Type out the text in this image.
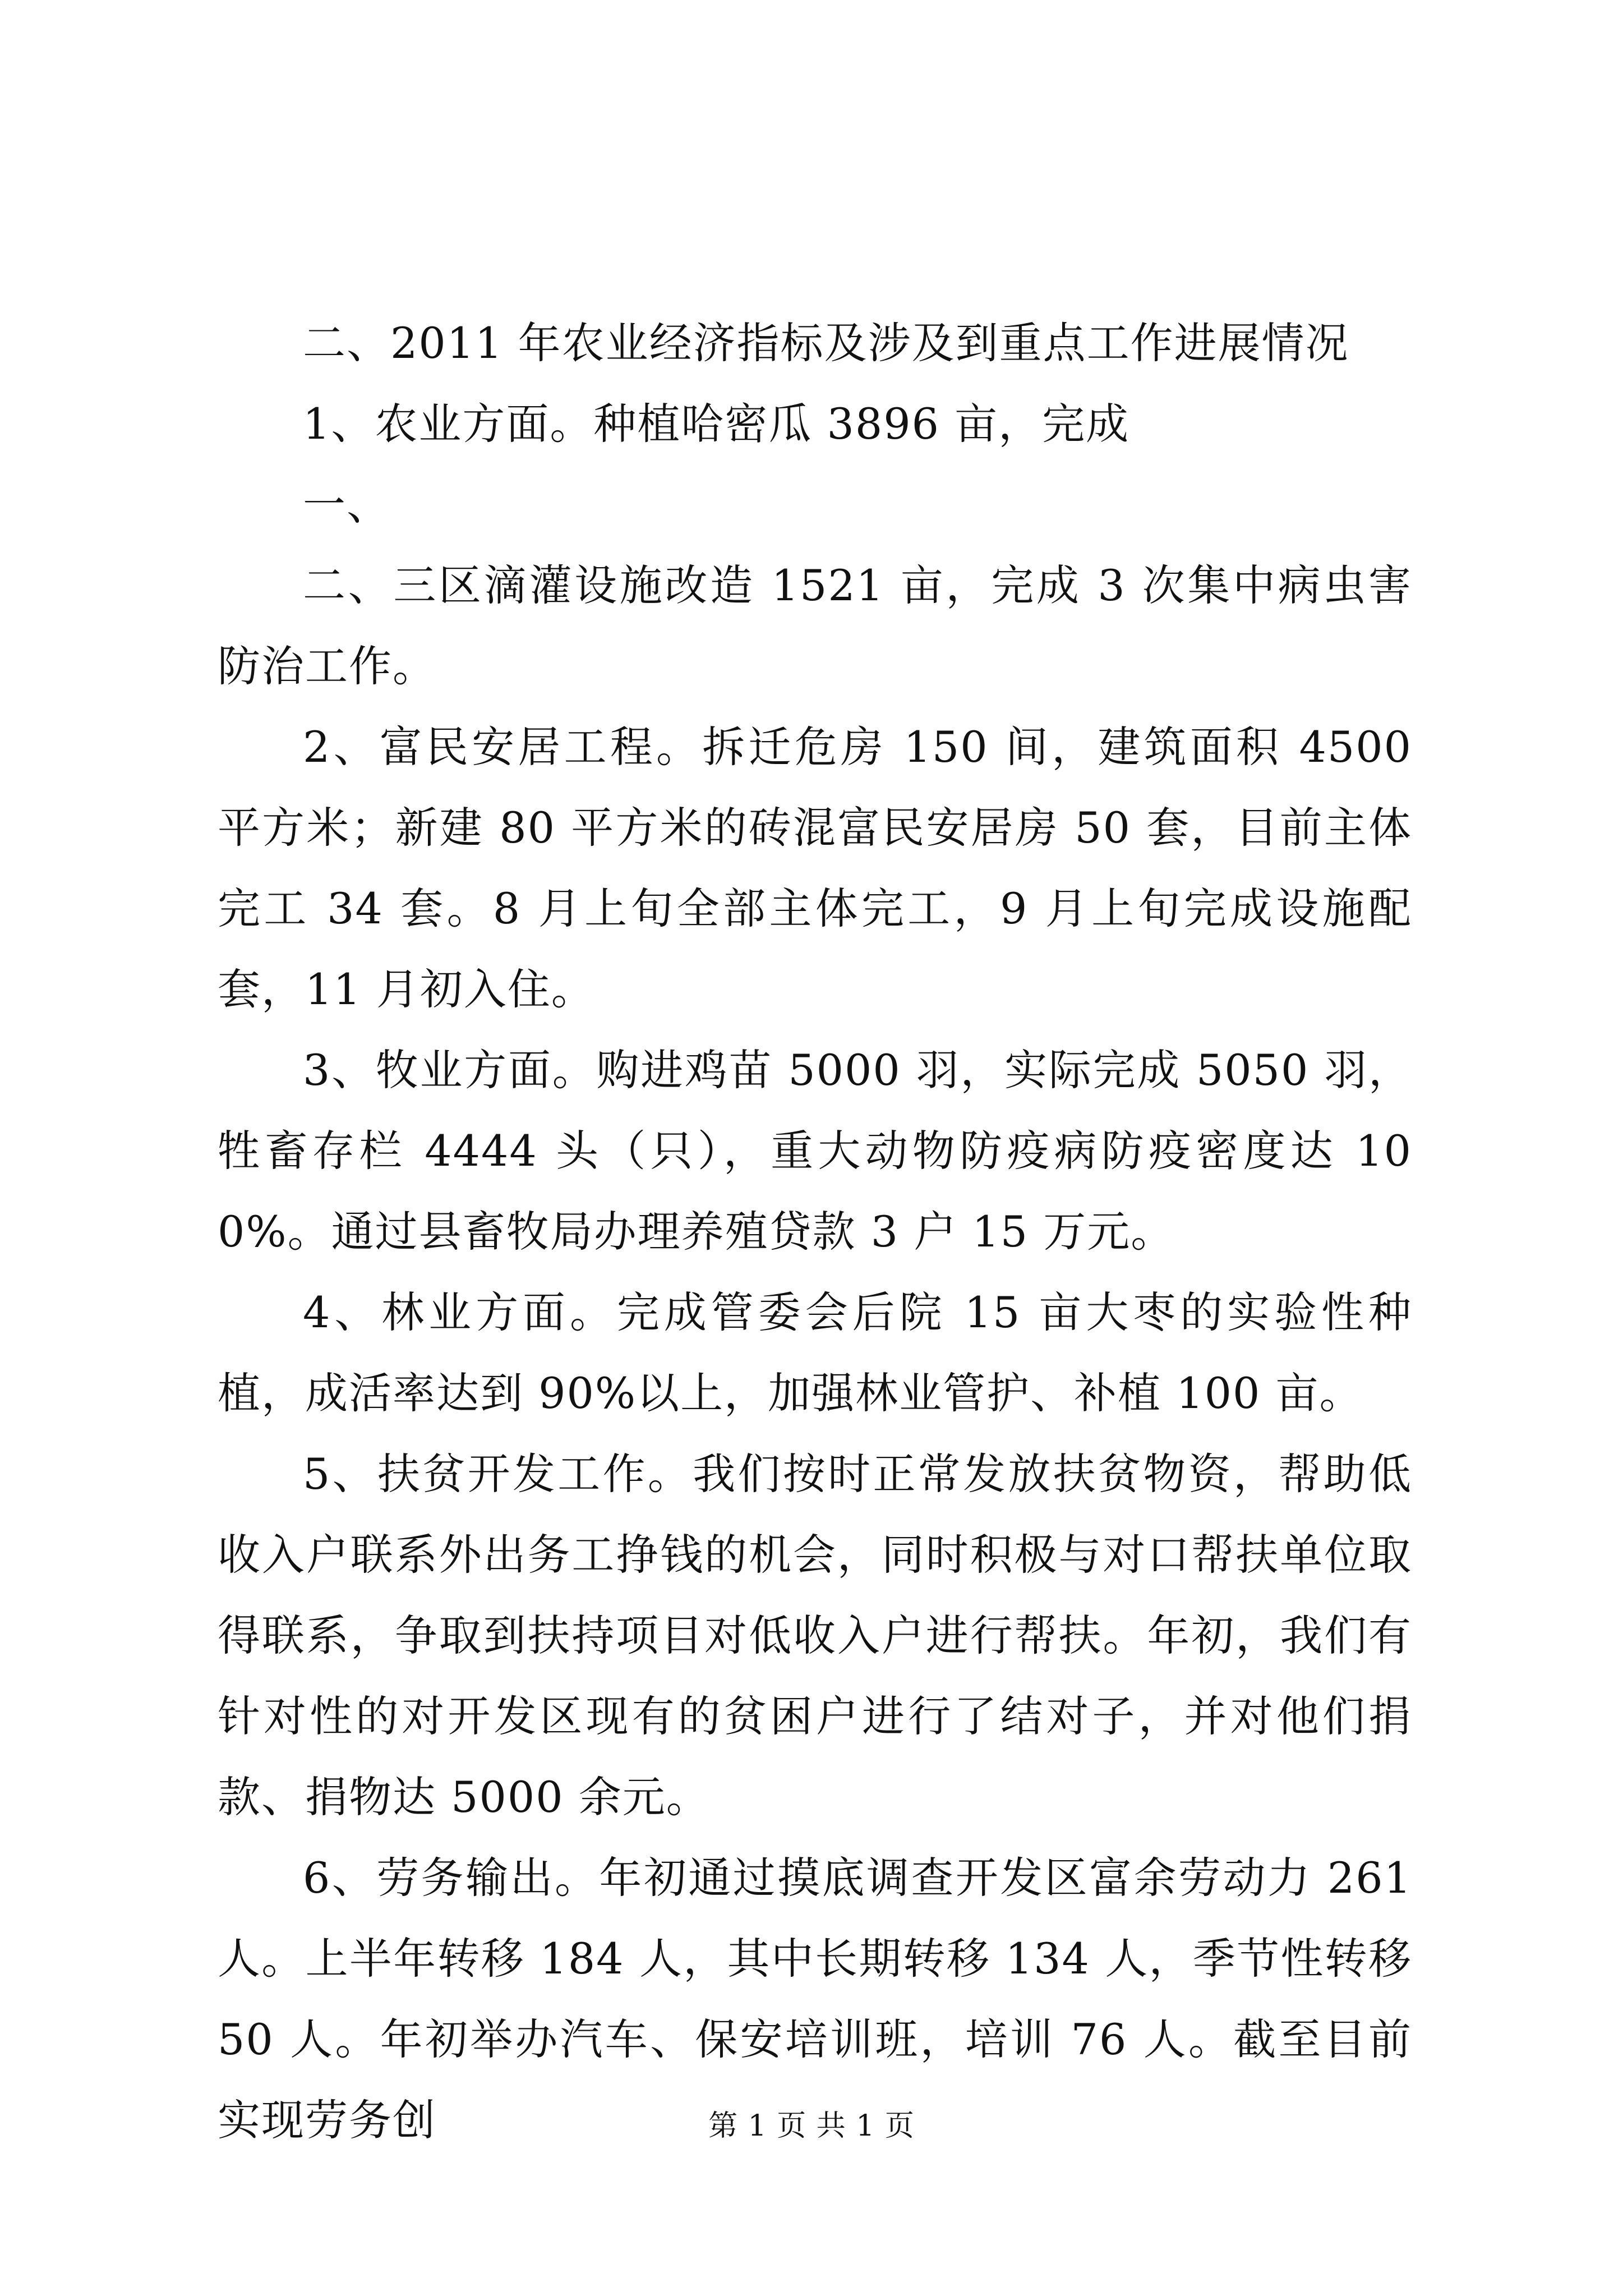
二、2011 年农业经济指标及涉及到重点工作进展情况

1、农业方面。种植哈密瓜 3896 亩，完成

一、

二、三区滴灌设施改造 1521 亩，完成 3 次集中病虫害防治工作。

2、富民安居工程。拆迁危房 150 间，建筑面积 4500 平方米；新建 80 平方米的砖混富民安居房 50 套，目前主体完工 34 套。8 月上旬全部主体完工，9 月上旬完成设施配套，11 月初入住。

3、牧业方面。购进鸡苗 5000 羽，实际完成 5050 羽，牲畜存栏 4444 头（只），重大动物防疫病防疫密度达 100%。通过县畜牧局办理养殖贷款 3 户 15 万元。

4、林业方面。完成管委会后院 15 亩大枣的实验性种植，成活率达到 90%以上，加强林业管护、补植 100 亩。

5、扶贫开发工作。我们按时正常发放扶贫物资，帮助低收入户联系外出务工挣钱的机会，同时积极与对口帮扶单位取得联系，争取到扶持项目对低收入户进行帮扶。年初，我们有针对性的对开发区现有的贫困户进行了结对子，并对他们捐款、捐物达 5000 余元。

6、劳务输出。年初通过摸底调查开发区富余劳动力 261 人。上半年转移 184 人，其中长期转移 134 人，季节性转移 50 人。年初举办汽车、保安培训班，培训 76 人。截至目前实现劳务创	第 1 页 共 1 页
